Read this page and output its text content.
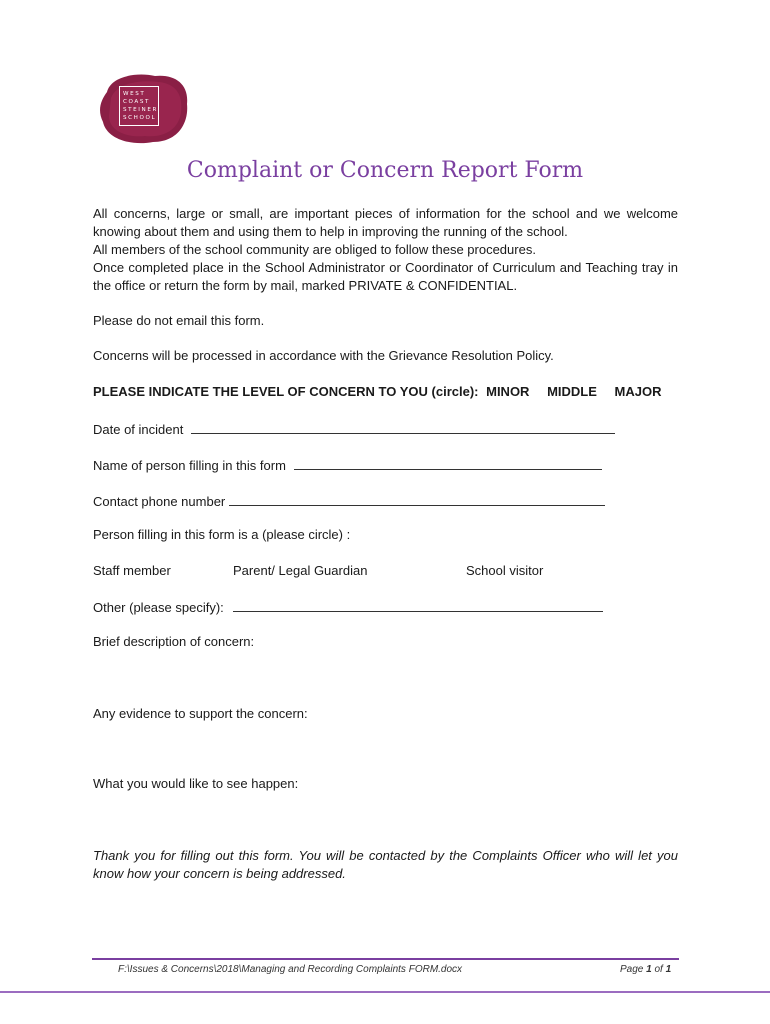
WEST
COAST
STEINER
SCHOOL
Complaint or Concern Report Form

All concerns, large or small, are important pieces of information for the school and we welcome knowing about them and using them to help in improving the running of the school.

All members of the school community are obliged to follow these procedures.

Once completed place in the School Administrator or Coordinator of Curriculum and Teaching tray in the office or return the form by mail, marked PRIVATE & CONFIDENTIAL.

Please do not email this form.

Concerns will be processed in accordance with the Grievance Resolution Policy.

PLEASE INDICATE THE LEVEL OF CONCERN TO YOU (circle): MINOR MIDDLE MAJOR
Date of incident
Name of person filling in this form
Contact phone number

Person filling in this form is a (please circle) :

Staff member	Parent/ Legal Guardian	School visitor
Other (please specify):

Brief description of concern:

Any evidence to support the concern:

What you would like to see happen:

Thank you for filling out this form. You will be contacted by the Complaints Officer who will let you know how your concern is being addressed.

F:\Issues & Concerns\2018\Managing and Recording Complaints FORM.docx	Page 1 of 1
